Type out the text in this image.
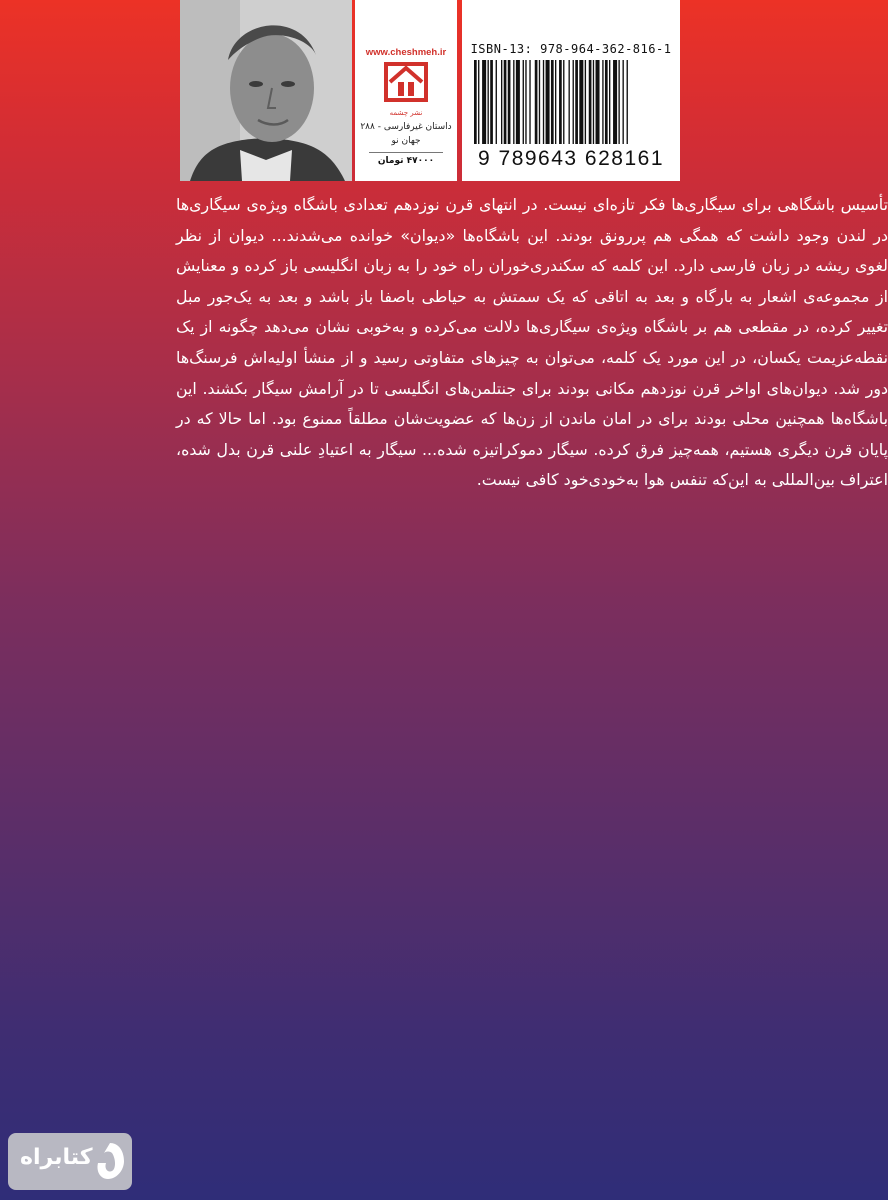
www.cheshmeh.ir
نشر چشمه
داستان غیرفارسی - ۲۸۸
جهان نو
۴۷۰۰۰ تومان
ISBN-13: 978-964-362-816-1
9 789643 628161
تأسیس باشگاهی برای سیگاری‌ها فکر تازه‌ای نیست. در انتهای قرن نوزدهم تعدادی باشگاه ویژه‌ی سیگاری‌ها در لندن وجود داشت که همگی هم پررونق بودند. این باشگاه‌ها «دیوان» خوانده می‌شدند... دیوان از نظر لغوی ریشه در زبان فارسی دارد. این کلمه که سکندری‌خوران راه خود را به زبان انگلیسی باز کرده و معنایش از مجموعه‌ی اشعار به بارگاه و بعد به اتاقی که یک سمتش به حیاطی باصفا باز باشد و بعد به یک‌جور مبل تغییر کرده، در مقطعی هم بر باشگاه ویژه‌ی سیگاری‌ها دلالت می‌کرده و به‌خوبی نشان می‌دهد چگونه از یک نقطه‌عزیمت یکسان، در این مورد یک کلمه، می‌توان به چیزهای متفاوتی رسید و از منشأ اولیه‌اش فرسنگ‌ها دور شد. دیوان‌های اواخر قرن نوزدهم مکانی بودند برای جنتلمن‌های انگلیسی تا در آرامش سیگار بکشند. این باشگاه‌ها همچنین محلی بودند برای در امان ماندن از زن‌ها که عضویت‌شان مطلقاً ممنوع بود. اما حالا که در پایان قرن دیگری هستیم، همه‌چیز فرق کرده. سیگار دموکراتیزه شده... سیگار به اعتیادِ علنی قرن بدل شده، اعتراف بین‌المللی به این‌که تنفس هوا به‌خودی‌خود کافی نیست.
کتابراه
